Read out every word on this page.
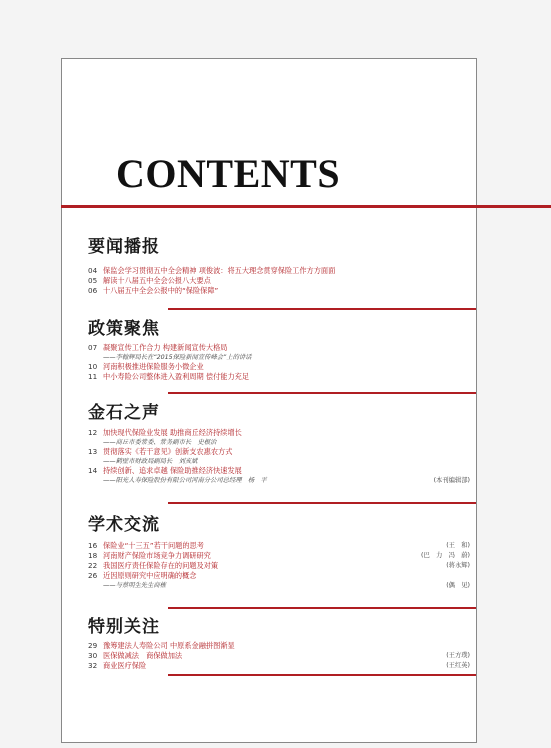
CONTENTS
要闻播报
04 保监会学习贯彻五中全会精神 项俊波：将五大理念贯穿保险工作方方面面
05 解读十八届五中全会公报八大要点
06 十八届五中全会公报中的“保险保障”
政策聚焦
07 凝聚宣传工作合力 构建新闻宣传大格局
——李翰辉局长在“2015保险新闻宣传峰会”上的讲话
10 河南积极推进保险服务小微企业
11 中小寿险公司整体进入盈利周期 偿付能力充足
金石之声
12 加快现代保险业发展 助推商丘经济持续增长
——商丘市委常委、常务副市长　史根治
13 贯彻落实《若干意见》创新支农惠农方式
——鹤壁市财政局副局长　刘亥斌
14 持续创新、追求卓越 保险助推经济快速发展
——阳光人寿保险股份有限公司河南分公司总经理　杨　平	(本刊编辑部)
学术交流
16 保险业“十三五”若干问题的思考	(王　和)
18 河南财产保险市场竞争力调研研究	(巴　力　冯　蔚)
22 我国医疗责任保险存在的问题及对策	(蒋永辉)
26 近因原则研究中应明确的概念
——与蔡明生先生商榷	(偶　见)
特别关注
29 豫筹建法人寿险公司 中原系金融拼图渐显
30 医保做减法　商保做加法	(王方璞)
32 商业医疗保险	(王红英)
